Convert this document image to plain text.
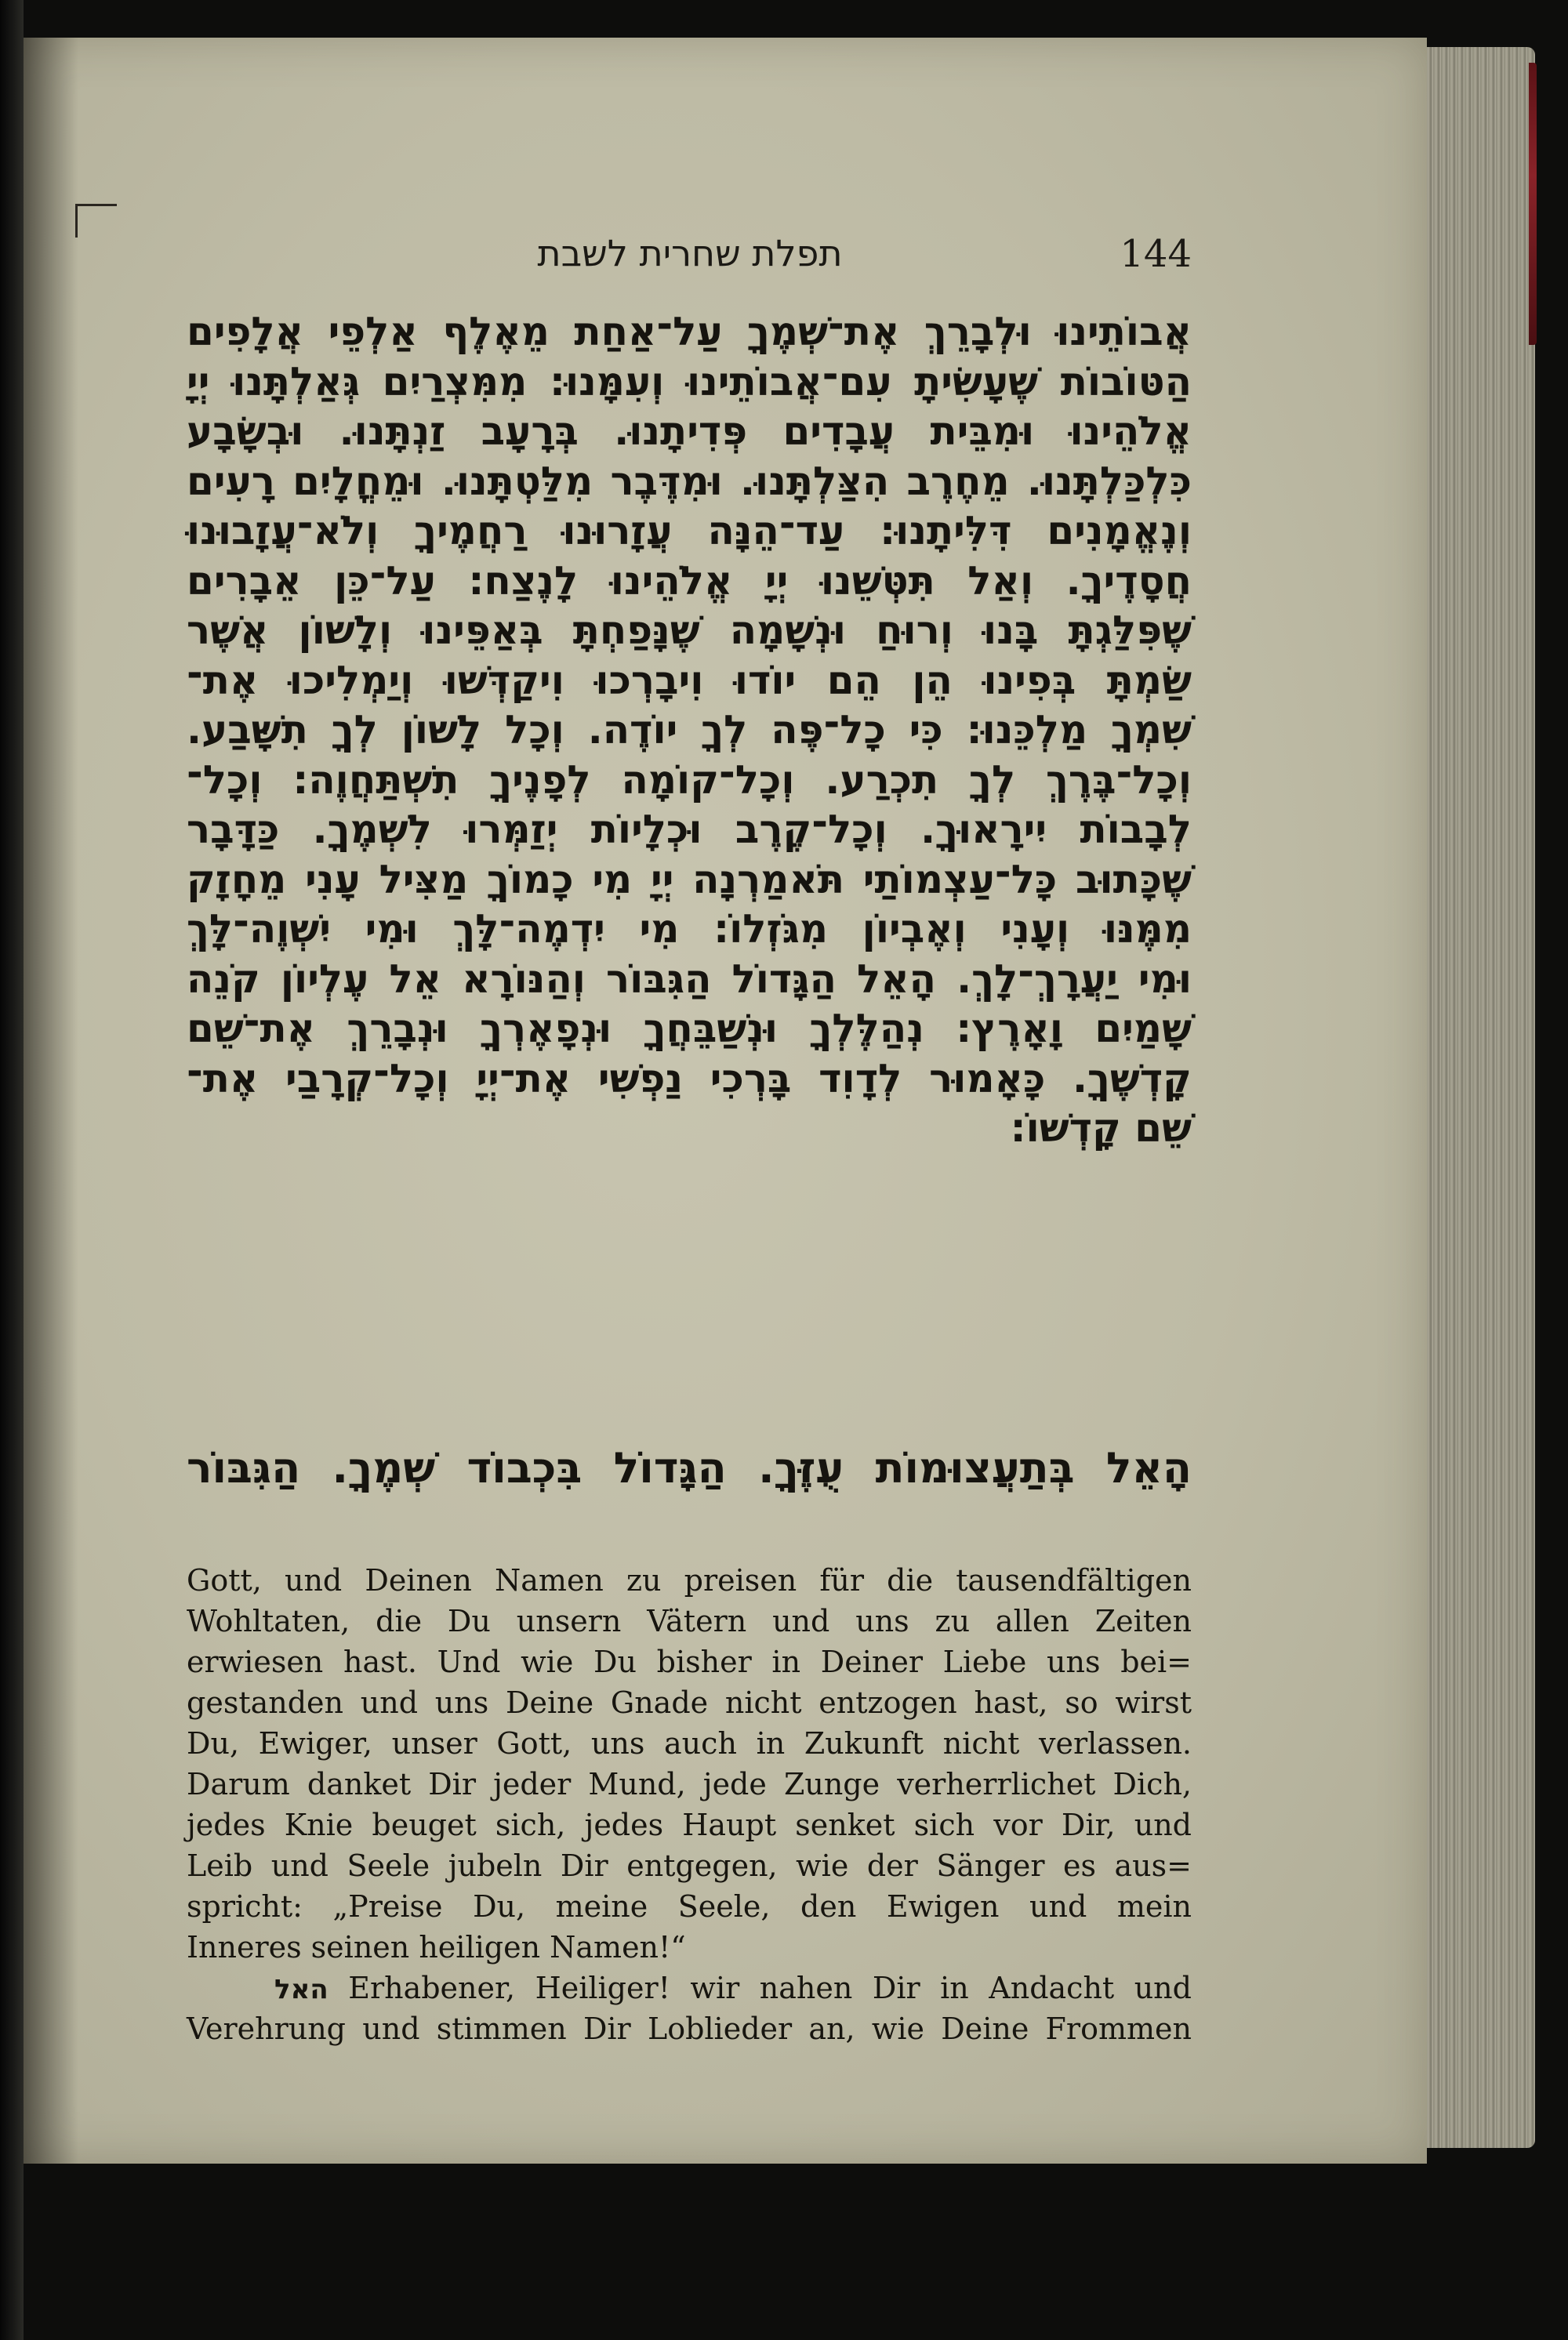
תפלת שחרית לשבת	144
אֲבוֹתֵינוּ וּלְבָרֵךְ אֶת־שְׁמֶךָ עַל־אַחַת מֵאֶלֶף אַלְפֵי אֲלָפִים
הַטּוֹבוֹת שֶׁעָשִׂיתָ עִם־אֲבוֹתֵינוּ וְעִמָּנוּ: מִמִּצְרַיִם גְּאַלְתָּנוּ יְיָ
אֱלֹהֵינוּ וּמִבֵּית עֲבָדִים פְּדִיתָנוּ. בְּרָעָב זַנְתָּנוּ. וּבְשָׂבָע
כִּלְכַּלְתָּנוּ. מֵחֶרֶב הִצַּלְתָּנוּ. וּמִדֶּבֶר מִלַּטְתָּנוּ. וּמֵחֳלָיִם רָעִים
וְנֶאֱמָנִים דִּלִּיתָנוּ: עַד־הֵנָּה עֲזָרוּנוּ רַחֲמֶיךָ וְלֹא־עֲזָבוּנוּ
חֲסָדֶיךָ. וְאַל תִּטְּשֵׁנוּ יְיָ אֱלֹהֵינוּ לָנֶצַח: עַל־כֵּן אֵבָרִים
שֶׁפִּלַּגְתָּ בָּנוּ וְרוּחַ וּנְשָׁמָה שֶׁנָּפַחְתָּ בְּאַפֵּינוּ וְלָשׁוֹן אֲשֶׁר
שַׂמְתָּ בְּפִינוּ הֵן הֵם יוֹדוּ וִיבָרְכוּ וִיקַדְּשׁוּ וְיַמְלִיכוּ אֶת־
שִׁמְךָ מַלְכֵּנוּ: כִּי כָל־פֶּה לְךָ יוֹדֶה. וְכָל לָשׁוֹן לְךָ תִשָּׁבַע.
וְכָל־בֶּרֶךְ לְךָ תִכְרַע. וְכָל־קוֹמָה לְפָנֶיךָ תִשְׁתַּחֲוֶה: וְכָל־
לְבָבוֹת יִירָאוּךָ. וְכָל־קֶרֶב וּכְלָיוֹת יְזַמְּרוּ לִשְׁמֶךָ. כַּדָּבָר
שֶׁכָּתוּב כָּל־עַצְמוֹתַי תֹּאמַרְנָה יְיָ מִי כָמוֹךָ מַצִּיל עָנִי מֵחָזָק
מִמֶּנּוּ וְעָנִי וְאֶבְיוֹן מִגֹּזְלוֹ: מִי יִדְמֶה־לָּךְ וּמִי יִשְׁוֶה־לָּךְ
וּמִי יַעֲרָךְ־לָךְ. הָאֵל הַגָּדוֹל הַגִּבּוֹר וְהַנּוֹרָא אֵל עֶלְיוֹן קֹנֵה
שָׁמַיִם וָאָרֶץ: נְהַלֶּלְךָ וּנְשַׁבֵּחֲךָ וּנְפָאֶרְךָ וּנְבָרֵךְ אֶת־שֵׁם
קָדְשֶׁךָ. כָּאָמוּר לְדָוִד בָּרְכִי נַפְשִׁי אֶת־יְיָ וְכָל־קְרָבַי אֶת־
שֵׁם קָדְשׁוֹ:
הָאֵל בְּתַעֲצוּמוֹת עֻזֶּךָ. הַגָּדוֹל בִּכְבוֹד שְׁמֶךָ. הַגִּבּוֹר
Gott, und Deinen Namen zu preisen für die tausendfältigen
Wohltaten, die Du unsern Vätern und uns zu allen Zeiten
erwiesen hast. Und wie Du bisher in Deiner Liebe uns bei=
gestanden und uns Deine Gnade nicht entzogen hast, so wirst
Du, Ewiger, unser Gott, uns auch in Zukunft nicht verlassen.
Darum danket Dir jeder Mund, jede Zunge verherrlichet Dich,
jedes Knie beuget sich, jedes Haupt senket sich vor Dir, und
Leib und Seele jubeln Dir entgegen, wie der Sänger es aus=
spricht: „Preise Du, meine Seele, den Ewigen und mein
Inneres seinen heiligen Namen!“
האל Erhabener, Heiliger! wir nahen Dir in Andacht und
Verehrung und stimmen Dir Loblieder an, wie Deine Frommen
